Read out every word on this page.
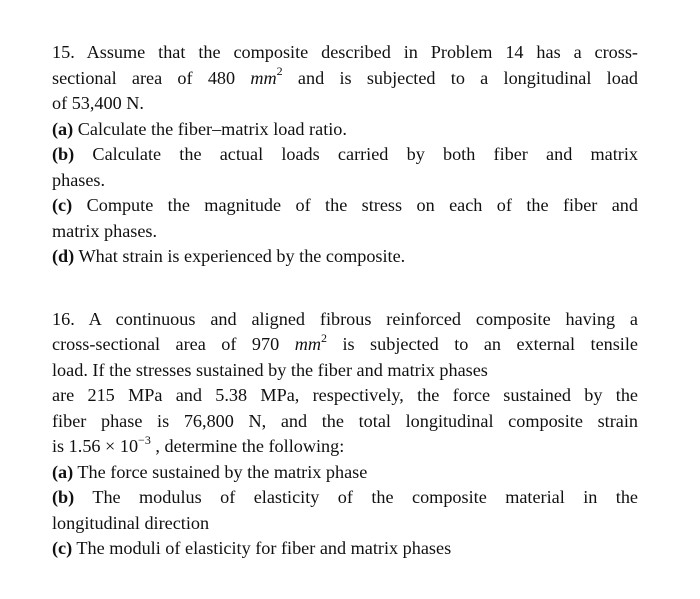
15. Assume that the composite described in Problem 14 has a cross-
sectional area of 480 $mm^2$ and is subjected to a longitudinal load
of 53,400 N.
(a) Calculate the fiber–matrix load ratio.
(b) Calculate the actual loads carried by both fiber and matrix
phases.
(c) Compute the magnitude of the stress on each of the fiber and
matrix phases.
(d) What strain is experienced by the composite.
16. A continuous and aligned fibrous reinforced composite having a
cross-sectional area of 970 $mm^2$ is subjected to an external tensile
load. If the stresses sustained by the fiber and matrix phases
are 215 MPa and 5.38 MPa, respectively, the force sustained by the
fiber phase is 76,800 N, and the total longitudinal composite strain
is $1.56 \times 10^{-3}$ , determine the following:
(a) The force sustained by the matrix phase
(b) The modulus of elasticity of the composite material in the
longitudinal direction
(c) The moduli of elasticity for fiber and matrix phases
